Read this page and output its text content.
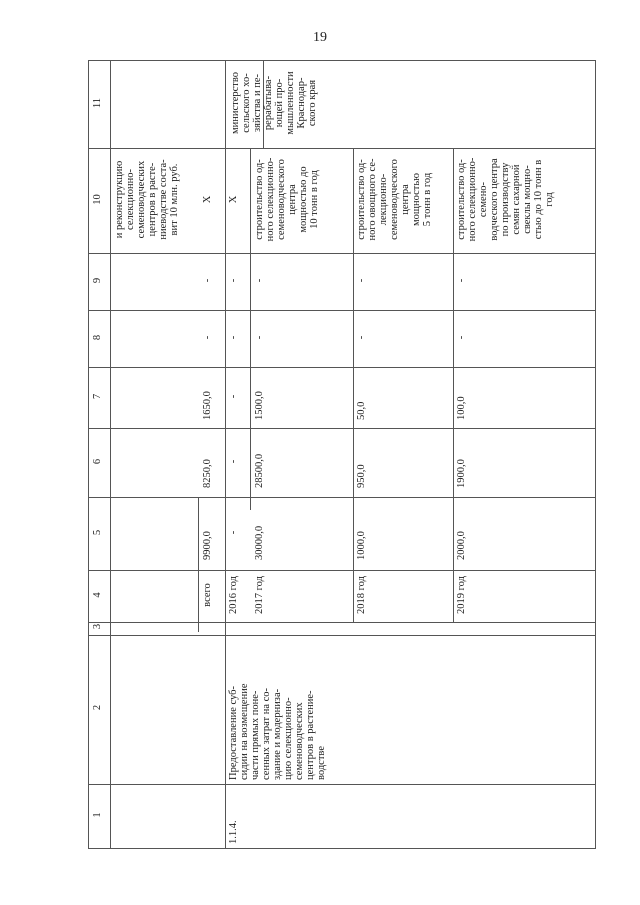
19
1
2
3
4
5
6
7
8
9
10
11
и реконструкцию
селекционно-
семеноводческих
центров в расте-
ниеводстве соста-
вит 10 млн. руб.
министерство
сельского хо-
зяйства и пе-
рерабатыва-
ющей про-
мышленности
Краснодар-
ского края
1.1.4.
Предоставление суб-
сидии на возмещение
части прямых поне-
сенных затрат на со-
здание и модерниза-
цию селекционно-
семеноводческих
центров в растение-
водстве
всего 2016 год 2017 год	2018 год	2019 год
9900,0
8250,0
1650,0
-
-
X
-
-
-
-
-
X
30000,0
28500,0
1500,0
-
-
строительство од-
ного селекционно-
семеноводческого
центра
мощностью до
10 тонн в год
1000,0
950,0
50,0
-
-
строительство од-
ного овощного се-
лекционно-
семеноводческого
центра
мощностью
5 тонн в год
2000,0
1900,0
100,0
-
-
строительство од-
ного селекционно-
семено-
водческого центра
по производству
семян сахарной
свеклы мощно-
стью до 10 тонн в
год
